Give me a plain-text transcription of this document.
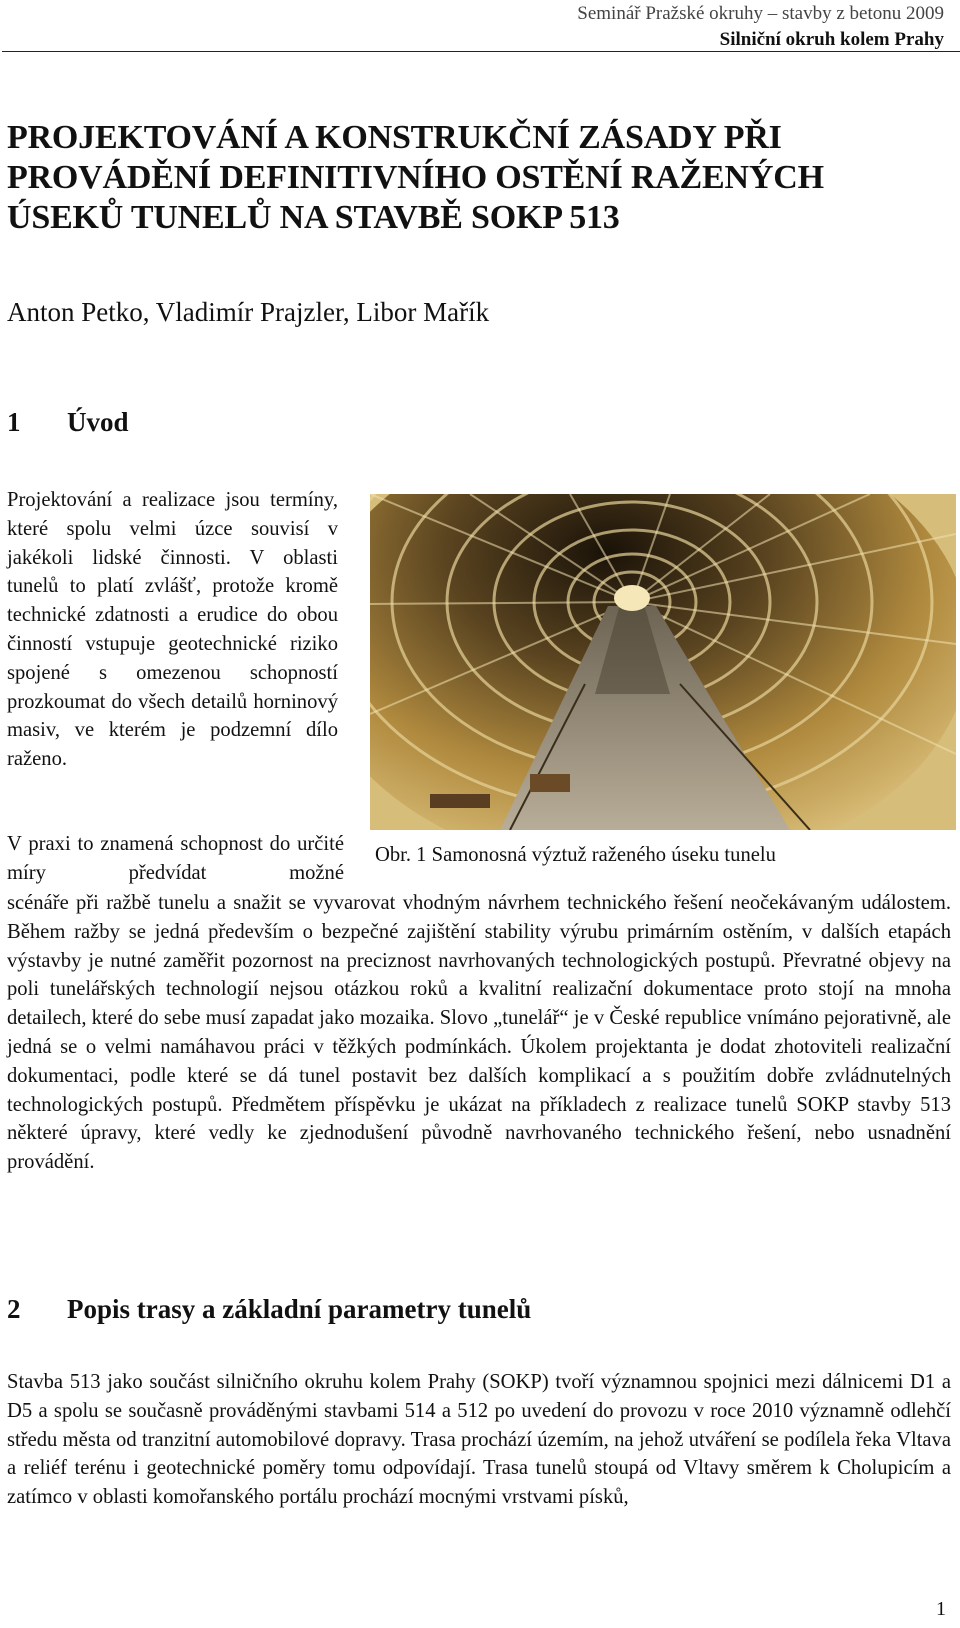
Seminář Pražské okruhy – stavby z betonu 2009
Silniční okruh kolem Prahy
PROJEKTOVÁNÍ A KONSTRUKČNÍ ZÁSADY PŘI PROVÁDĚNÍ DEFINITIVNÍHO OSTĚNÍ RAŽENÝCH ÚSEKŮ TUNELŮ NA STAVBĚ SOKP 513
Anton Petko, Vladimír Prajzler, Libor Mařík
1 Úvod

Projektování a realizace jsou termíny, které spolu velmi úzce souvisí v jakékoli lidské činnosti. V oblasti tunelů to platí zvlášť, protože kromě technické zdatnosti a erudice do obou činností vstupuje geotechnické riziko spojené s omezenou schopností prozkoumat do všech detailů horninový masiv, ve kterém je podzemní dílo raženo.

V praxi to znamená schopnost do určité míry předvídat možné

scénáře při ražbě tunelu a snažit se vyvarovat vhodným návrhem technického řešení neočekávaným událostem. Během ražby se jedná především o bezpečné zajištění stability výrubu primárním ostěním, v dalších etapách výstavby je nutné zaměřit pozornost na preciznost navrhovaných technologických postupů. Převratné objevy na poli tunelářských technologií nejsou otázkou roků a kvalitní realizační dokumentace proto stojí na mnoha detailech, které do sebe musí zapadat jako mozaika. Slovo „tunelář“ je v České republice vnímáno pejorativně, ale jedná se o velmi namáhavou práci v těžkých podmínkách. Úkolem projektanta je dodat zhotoviteli realizační dokumentaci, podle které se dá tunel postavit bez dalších komplikací a s použitím dobře zvládnutelných technologických postupů. Předmětem příspěvku je ukázat na příkladech z realizace tunelů SOKP stavby 513 některé úpravy, které vedly ke zjednodušení původně navrhovaného technického řešení, nebo usnadnění provádění.

Obr. 1 Samonosná výztuž raženého úseku tunelu
2 Popis trasy a základní parametry tunelů

Stavba 513 jako součást silničního okruhu kolem Prahy (SOKP) tvoří významnou spojnici mezi dálnicemi D1 a D5 a spolu se současně prováděnými stavbami 514 a 512 po uvedení do provozu v roce 2010 významně odlehčí středu města od tranzitní automobilové dopravy. Trasa prochází územím, na jehož utváření se podílela řeka Vltava a reliéf terénu i geotechnické poměry tomu odpovídají. Trasa tunelů stoupá od Vltavy směrem k Cholupicím a zatímco v oblasti komořanského portálu prochází mocnými vrstvami písků,

1
